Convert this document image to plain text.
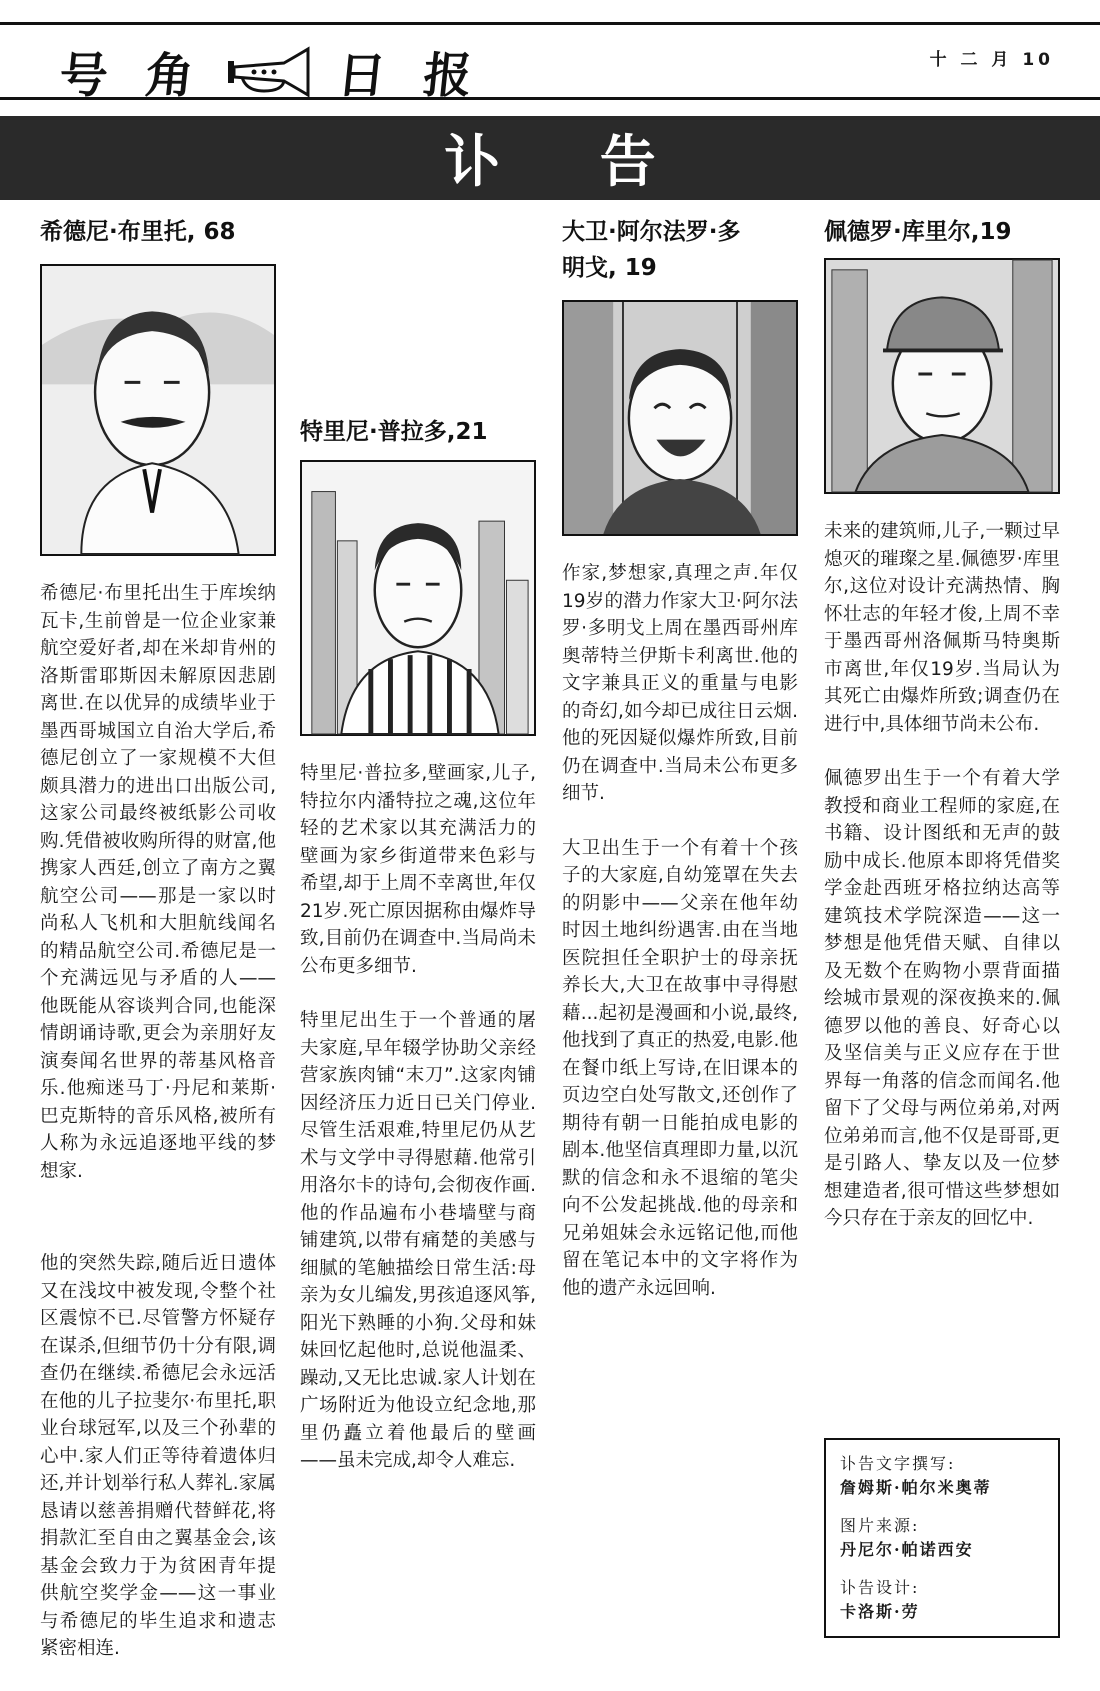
号 角	日 报	十 二 月 10
讣 告
希德尼·布里托, 68

希德尼·布里托出生于库埃纳瓦卡,生前曾是一位企业家兼航空爱好者,却在米却肯州的洛斯雷耶斯因未解原因悲剧离世.在以优异的成绩毕业于墨西哥城国立自治大学后,希德尼创立了一家规模不大但颇具潜力的进出口出版公司,这家公司最终被纸影公司收购.凭借被收购所得的财富,他携家人西廷,创立了南方之翼航空公司——那是一家以时尚私人飞机和大胆航线闻名的精品航空公司.希德尼是一个充满远见与矛盾的人——他既能从容谈判合同,也能深情朗诵诗歌,更会为亲朋好友演奏闻名世界的蒂基风格音乐.他痴迷马丁·丹尼和莱斯·巴克斯特的音乐风格,被所有人称为永远追逐地平线的梦想家.

他的突然失踪,随后近日遗体又在浅坟中被发现,令整个社区震惊不已.尽管警方怀疑存在谋杀,但细节仍十分有限,调查仍在继续.希德尼会永远活在他的儿子拉斐尔·布里托,职业台球冠军,以及三个孙辈的心中.家人们正等待着遗体归还,并计划举行私人葬礼.家属恳请以慈善捐赠代替鲜花,将捐款汇至自由之翼基金会,该基金会致力于为贫困青年提供航空奖学金——这一事业与希德尼的毕生追求和遗志紧密相连.

特里尼·普拉多,21

特里尼·普拉多,壁画家,儿子,特拉尔内潘特拉之魂,这位年轻的艺术家以其充满活力的壁画为家乡街道带来色彩与希望,却于上周不幸离世,年仅21岁.死亡原因据称由爆炸导致,目前仍在调查中.当局尚未公布更多细节.

特里尼出生于一个普通的屠夫家庭,早年辍学协助父亲经营家族肉铺“末刀”.这家肉铺因经济压力近日已关门停业.尽管生活艰难,特里尼仍从艺术与文学中寻得慰藉.他常引用洛尔卡的诗句,会彻夜作画.他的作品遍布小巷墙壁与商铺建筑,以带有痛楚的美感与细腻的笔触描绘日常生活:母亲为女儿编发,男孩追逐风筝,阳光下熟睡的小狗.父母和妹妹回忆起他时,总说他温柔、躁动,又无比忠诚.家人计划在广场附近为他设立纪念地,那里仍矗立着他最后的壁画——虽未完成,却令人难忘.

大卫·阿尔法罗·多明戈, 19

作家,梦想家,真理之声.年仅19岁的潜力作家大卫·阿尔法罗·多明戈上周在墨西哥州库奥蒂特兰伊斯卡利离世.他的文字兼具正义的重量与电影的奇幻,如今却已成往日云烟.他的死因疑似爆炸所致,目前仍在调查中.当局未公布更多细节.

大卫出生于一个有着十个孩子的大家庭,自幼笼罩在失去的阴影中——父亲在他年幼时因土地纠纷遇害.由在当地医院担任全职护士的母亲抚养长大,大卫在故事中寻得慰藉...起初是漫画和小说,最终,他找到了真正的热爱,电影.他在餐巾纸上写诗,在旧课本的页边空白处写散文,还创作了期待有朝一日能拍成电影的剧本.他坚信真理即力量,以沉默的信念和永不退缩的笔尖向不公发起挑战.他的母亲和兄弟姐妹会永远铭记他,而他留在笔记本中的文字将作为他的遗产永远回响.

佩德罗·库里尔,19

未来的建筑师,儿子,一颗过早熄灭的璀璨之星.佩德罗·库里尔,这位对设计充满热情、胸怀壮志的年轻才俊,上周不幸于墨西哥州洛佩斯马特奥斯市离世,年仅19岁.当局认为其死亡由爆炸所致;调查仍在进行中,具体细节尚未公布.

佩德罗出生于一个有着大学教授和商业工程师的家庭,在书籍、设计图纸和无声的鼓励中成长.他原本即将凭借奖学金赴西班牙格拉纳达高等建筑技术学院深造——这一梦想是他凭借天赋、自律以及无数个在购物小票背面描绘城市景观的深夜换来的.佩德罗以他的善良、好奇心以及坚信美与正义应存在于世界每一角落的信念而闻名.他留下了父母与两位弟弟,对两位弟弟而言,他不仅是哥哥,更是引路人、挚友以及一位梦想建造者,很可惜这些梦想如今只存在于亲友的回忆中.

讣告文字撰写:
詹姆斯·帕尔米奥蒂
图片来源:
丹尼尔·帕诺西安
讣告设计:
卡洛斯·劳
